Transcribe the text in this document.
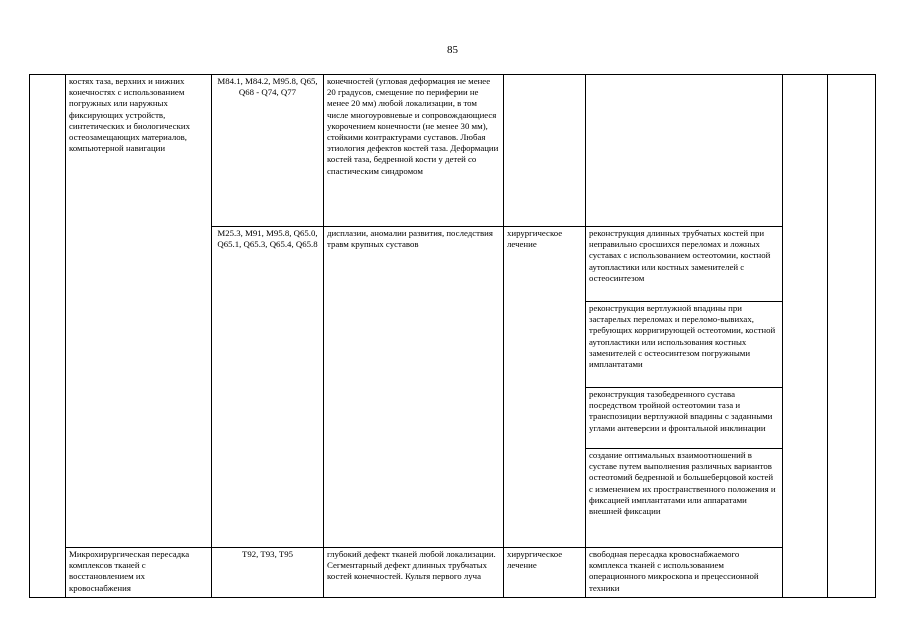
85
	костях таза, верхних и нижних конечностях с использованием погружных или наружных фиксирующих устройств, синтетических и биологических остеозамещающих материалов, компьютерной навигации	M84.1, M84.2, M95.8, Q65, Q68 - Q74, Q77	конечностей (угловая деформация не менее 20 градусов, смещение по периферии не менее 20 мм) любой локализации, в том числе многоуровневые и сопровождающиеся укорочением конечности (не менее 30 мм), стойкими контрактурами суставов. Любая этиология дефектов костей таза. Деформации костей таза, бедренной кости у детей со спастическим синдромом				
		M25.3, M91, M95.8, Q65.0, Q65.1, Q65.3, Q65.4, Q65.8	дисплазии, аномалии развития, последствия травм крупных суставов	хирургическое лечение	реконструкция длинных трубчатых костей при неправильно сросшихся переломах и ложных суставах с использованием остеотомии, костной аутопластики или костных заменителей с остеосинтезом		
					реконструкция вертлужной впадины при застарелых переломах и переломо-вывихах, требующих корригирующей остеотомии, костной аутопластики или использования костных заменителей с остеосинтезом погружными имплантатами		
					реконструкция тазобедренного сустава посредством тройной остеотомии таза и транспозиции вертлужной впадины с заданными углами антеверсии и фронтальной инклинации		
					создание оптимальных взаимоотношений в суставе путем выполнения различных вариантов остеотомий бедренной и большеберцовой костей с изменением их пространственного положения и фиксацией имплантатами или аппаратами внешней фиксации		
	Микрохирургическая пересадка комплексов тканей с восстановлением их кровоснабжения	T92, T93, T95	глубокий дефект тканей любой локализации. Сегментарный дефект длинных трубчатых костей конечностей. Культя первого луча	хирургическое лечение	свободная пересадка кровоснабжаемого комплекса тканей с использованием операционного микроскопа и прецессионной техники		
